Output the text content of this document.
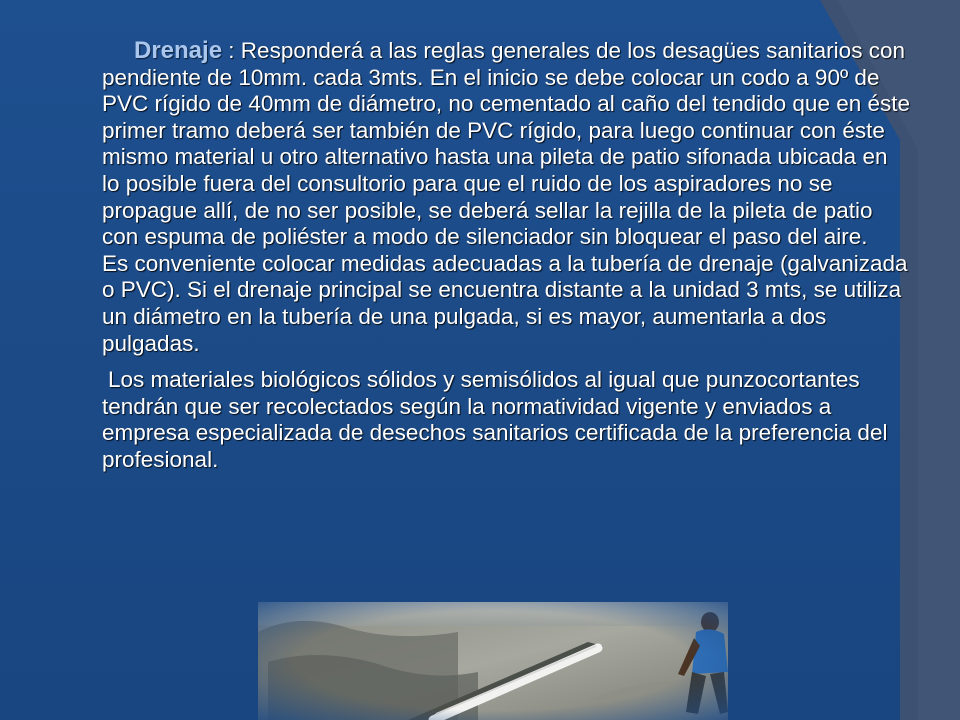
Drenaje : Responderá a las reglas generales de los desagües sanitarios con pendiente de 10mm. cada 3mts. En el inicio se debe colocar un codo a 90º de PVC rígido de 40mm de diámetro, no cementado al caño del tendido que en éste primer tramo deberá ser también de PVC rígido, para luego continuar con éste mismo material u otro alternativo hasta una pileta de patio sifonada ubicada en lo posible fuera del consultorio para que el ruido de los aspiradores no se propague allí, de no ser posible, se deberá sellar la rejilla de la pileta de patio con espuma de poliéster a modo de silenciador sin bloquear el paso del aire.

Es conveniente colocar medidas adecuadas a la tubería de drenaje (galvanizada o PVC). Si el drenaje principal se encuentra distante a la unidad 3 mts, se utiliza un diámetro en la tubería de una pulgada, si es mayor, aumentarla a dos pulgadas.

Los materiales biológicos sólidos y semisólidos al igual que punzocortantes tendrán que ser recolectados según la normatividad vigente y enviados a empresa especializada de desechos sanitarios certificada de la preferencia del profesional.
